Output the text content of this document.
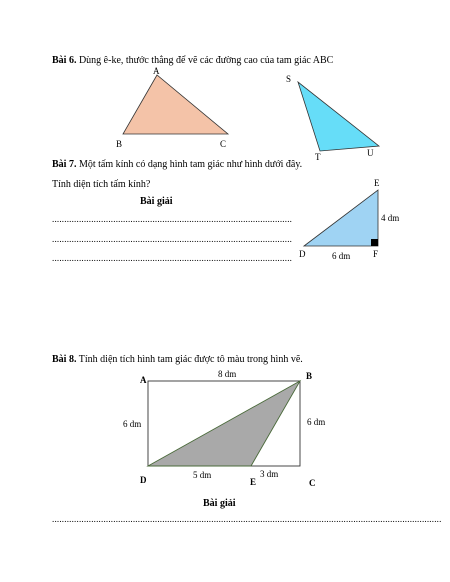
Bài 6. Dùng ê-ke, thước thẳng để vẽ các đường cao của tam giác ABC
A
B	C
S
T	U
Bài 7. Một tấm kính có dạng hình tam giác như hình dưới đây.
Tính diện tích tấm kính?
Bài giải
..................................................................................................
..................................................................................................
..................................................................................................
E
D	F
4 dm
6 dm
Bài 8. Tính diện tích hình tam giác được tô màu trong hình vẽ.
A	B
C
D	E
8 dm
6 dm	6 dm
5 dm	3 dm
Bài giải
...............................................................................................................................................................
